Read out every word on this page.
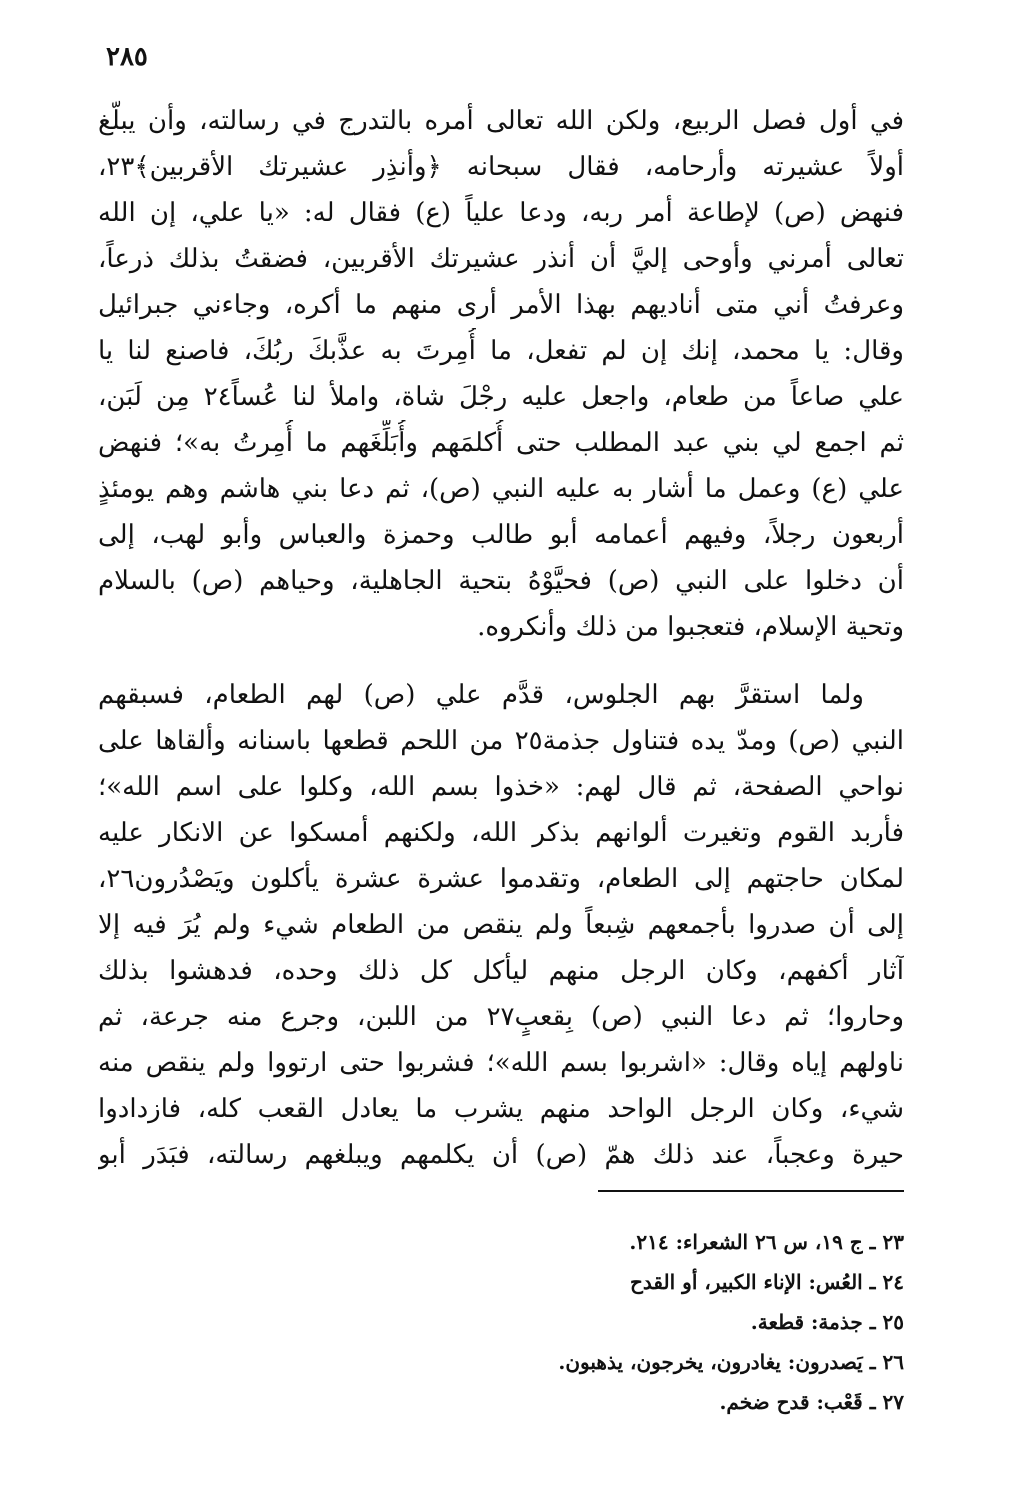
٢٨٥
في أول فصل الربيع، ولكن الله تعالى أمره بالتدرج في رسالته، وأن يبلّغ
أولاً عشيرته وأرحامه، فقال سبحانه ﴿وأنذِر عشيرتك الأقربين﴾٢٣،
فنهض (ص) لإطاعة أمر ربه، ودعا علياً (ع) فقال له: «يا علي، إن الله
تعالى أمرني وأوحى إليَّ أن أنذر عشيرتك الأقربين، فضقتُ بذلك ذرعاً،
وعرفتُ أني متى أناديهم بهذا الأمر أرى منهم ما أكره، وجاءني جبرائيل
وقال: يا محمد، إنك إن لم تفعل، ما أُمِرتَ به عذَّبكَ ربُكَ، فاصنع لنا يا
علي صاعاً من طعام، واجعل عليه رجْلَ شاة، واملأ لنا عُساً٢٤ مِن لَبَن،
ثم اجمع لي بني عبد المطلب حتى أُكلمَهم وأُبَلِّغَهم ما أُمِرتُ به»؛ فنهض
علي (ع) وعمل ما أشار به عليه النبي (ص)، ثم دعا بني هاشم وهم يومئذٍ
أربعون رجلاً، وفيهم أعمامه أبو طالب وحمزة والعباس وأبو لهب، إلى
أن دخلوا على النبي (ص) فحيَّوْهُ بتحية الجاهلية، وحياهم (ص) بالسلام
وتحية الإسلام، فتعجبوا من ذلك وأنكروه.
ولما استقرَّ بهم الجلوس، قدَّم علي (ص) لهم الطعام، فسبقهم
النبي (ص) ومدّ يده فتناول جذمة٢٥ من اللحم قطعها باسنانه وألقاها على
نواحي الصفحة، ثم قال لهم: «خذوا بسم الله، وكلوا على اسم الله»؛
فأربد القوم وتغيرت ألوانهم بذكر الله، ولكنهم أمسكوا عن الانكار عليه
لمكان حاجتهم إلى الطعام، وتقدموا عشرة عشرة يأكلون ويَصْدُرون٢٦،
إلى أن صدروا بأجمعهم شِبعاً ولم ينقص من الطعام شيء ولم يُرَ فيه إلا
آثار أكفهم، وكان الرجل منهم ليأكل كل ذلك وحده، فدهشوا بذلك
وحاروا؛ ثم دعا النبي (ص) بِقعبٍ٢٧ من اللبن، وجرع منه جرعة، ثم
ناولهم إياه وقال: «اشربوا بسم الله»؛ فشربوا حتى ارتووا ولم ينقص منه
شيء، وكان الرجل الواحد منهم يشرب ما يعادل القعب كله، فازدادوا
حيرة وعجباً، عند ذلك همّ (ص) أن يكلمهم ويبلغهم رسالته، فبَدَر أبو
٢٣ ـ ج ١٩، س ٢٦ الشعراء: ٢١٤.
٢٤ ـ العُس: الإناء الكبير، أو القدح
٢٥ ـ جذمة: قطعة.
٢٦ ـ يَصدرون: يغادرون، يخرجون، يذهبون.
٢٧ ـ قَعْب: قدح ضخم.
